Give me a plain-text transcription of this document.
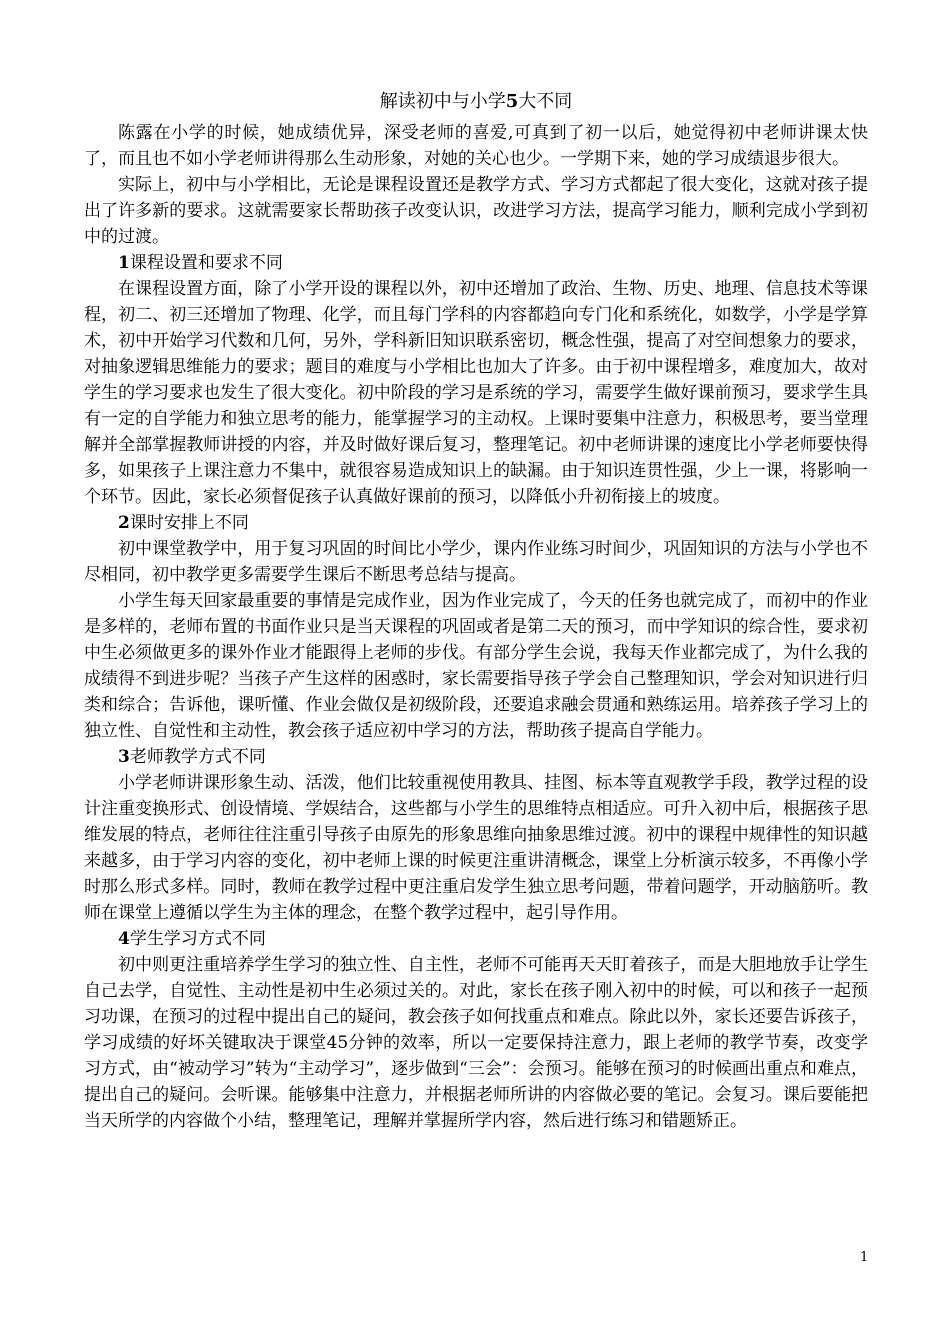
解读初中与小学5大不同

陈露在小学的时候，她成绩优异，深受老师的喜爱,可真到了初一以后，她觉得初中老师讲课太快了，而且也不如小学老师讲得那么生动形象，对她的关心也少。一学期下来，她的学习成绩退步很大。

实际上，初中与小学相比，无论是课程设置还是教学方式、学习方式都起了很大变化，这就对孩子提出了许多新的要求。这就需要家长帮助孩子改变认识，改进学习方法，提高学习能力，顺利完成小学到初中的过渡。

1课程设置和要求不同

在课程设置方面，除了小学开设的课程以外，初中还增加了政治、生物、历史、地理、信息技术等课程，初二、初三还增加了物理、化学，而且每门学科的内容都趋向专门化和系统化，如数学，小学是学算术，初中开始学习代数和几何，另外，学科新旧知识联系密切，概念性强，提高了对空间想象力的要求，对抽象逻辑思维能力的要求；题目的难度与小学相比也加大了许多。由于初中课程增多，难度加大，故对学生的学习要求也发生了很大变化。初中阶段的学习是系统的学习，需要学生做好课前预习，要求学生具有一定的自学能力和独立思考的能力，能掌握学习的主动权。上课时要集中注意力，积极思考，要当堂理解并全部掌握教师讲授的内容，并及时做好课后复习，整理笔记。初中老师讲课的速度比小学老师要快得多，如果孩子上课注意力不集中，就很容易造成知识上的缺漏。由于知识连贯性强，少上一课，将影响一个环节。因此，家长必须督促孩子认真做好课前的预习，以降低小升初衔接上的坡度。

2课时安排上不同

初中课堂教学中，用于复习巩固的时间比小学少，课内作业练习时间少，巩固知识的方法与小学也不尽相同，初中教学更多需要学生课后不断思考总结与提高。

小学生每天回家最重要的事情是完成作业，因为作业完成了，今天的任务也就完成了，而初中的作业是多样的，老师布置的书面作业只是当天课程的巩固或者是第二天的预习，而中学知识的综合性，要求初中生必须做更多的课外作业才能跟得上老师的步伐。有部分学生会说，我每天作业都完成了，为什么我的成绩得不到进步呢？当孩子产生这样的困惑时，家长需要指导孩子学会自己整理知识，学会对知识进行归类和综合；告诉他，课听懂、作业会做仅是初级阶段，还要追求融会贯通和熟练运用。培养孩子学习上的独立性、自觉性和主动性，教会孩子适应初中学习的方法，帮助孩子提高自学能力。

3老师教学方式不同

小学老师讲课形象生动、活泼，他们比较重视使用教具、挂图、标本等直观教学手段，教学过程的设计注重变换形式、创设情境、学娱结合，这些都与小学生的思维特点相适应。可升入初中后，根据孩子思维发展的特点，老师往往注重引导孩子由原先的形象思维向抽象思维过渡。初中的课程中规律性的知识越来越多，由于学习内容的变化，初中老师上课的时候更注重讲清概念，课堂上分析演示较多，不再像小学时那么形式多样。同时，教师在教学过程中更注重启发学生独立思考问题，带着问题学，开动脑筋听。教师在课堂上遵循以学生为主体的理念，在整个教学过程中，起引导作用。

4学生学习方式不同

初中则更注重培养学生学习的独立性、自主性，老师不可能再天天盯着孩子，而是大胆地放手让学生自己去学，自觉性、主动性是初中生必须过关的。对此，家长在孩子刚入初中的时候，可以和孩子一起预习功课，在预习的过程中提出自己的疑问，教会孩子如何找重点和难点。除此以外，家长还要告诉孩子，学习成绩的好坏关键取决于课堂45分钟的效率，所以一定要保持注意力，跟上老师的教学节奏，改变学习方式，由“被动学习”转为“主动学习”，逐步做到“三会”：会预习。能够在预习的时候画出重点和难点，提出自己的疑问。会听课。能够集中注意力，并根据老师所讲的内容做必要的笔记。会复习。课后要能把当天所学的内容做个小结，整理笔记，理解并掌握所学内容，然后进行练习和错题矫正。

1
